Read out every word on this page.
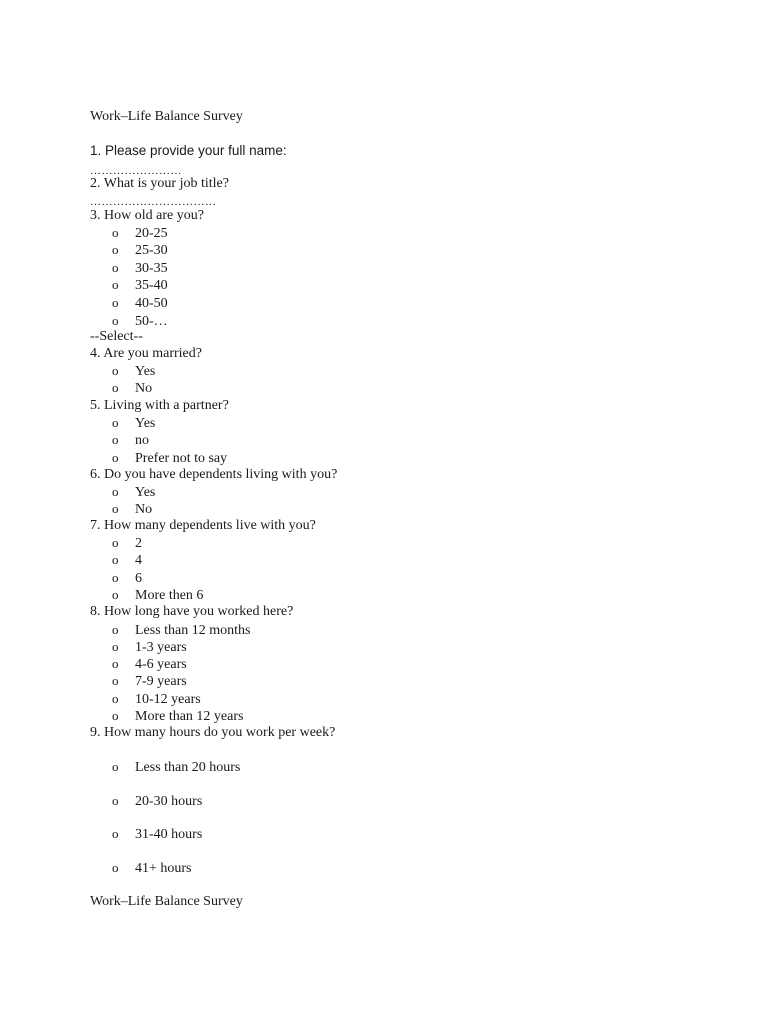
Work–Life Balance Survey
1. Please provide your full name:
……………………
2. What is your job title?
……………………………
3. How old are you?
o 20-25
o 25-30
o 30-35
o 35-40
o 40-50
o 50-…
--Select--
4. Are you married?
o Yes
o No
5. Living with a partner?
o Yes
o no
o Prefer not to say
6. Do you have dependents living with you?
o Yes
o No
7. How many dependents live with you?
o 2
o 4
o 6
o More then 6
8. How long have you worked here?
o Less than 12 months
o 1-3 years
o 4-6 years
o 7-9 years
o 10-12 years
o More than 12 years
9. How many hours do you work per week?
o Less than 20 hours
o 20-30 hours
o 31-40 hours
o 41+ hours
Work–Life Balance Survey
